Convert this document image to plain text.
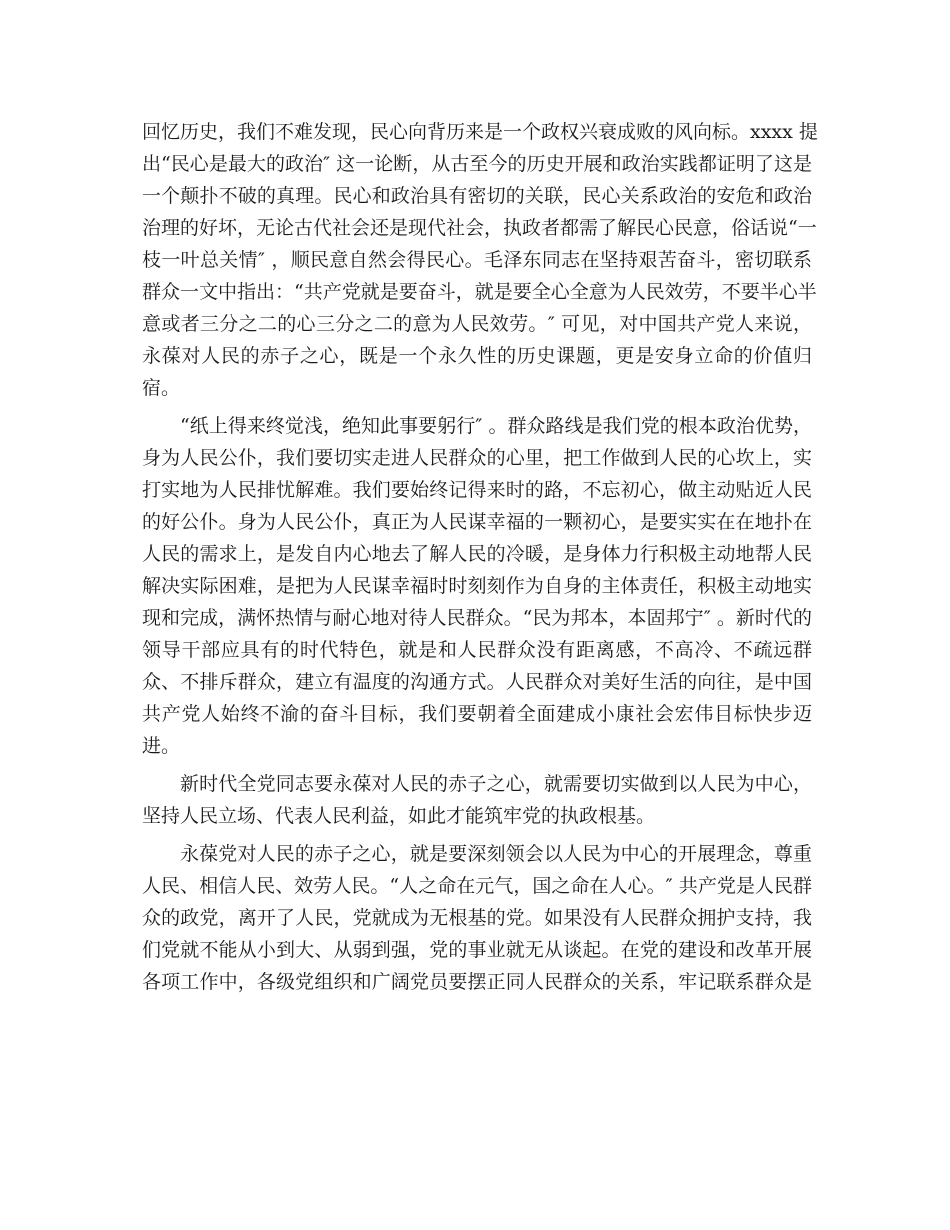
回忆历史，我们不难发现，民心向背历来是一个政权兴衰成败的风向标。xxxx 提

出“民心是最大的政治″ 这一论断，从古至今的历史开展和政治实践都证明了这是

一个颠扑不破的真理。民心和政治具有密切的关联，民心关系政治的安危和政治

治理的好坏，无论古代社会还是现代社会，执政者都需了解民心民意，俗话说“一

枝一叶总关情″ ，顺民意自然会得民心。毛泽东同志在坚持艰苦奋斗，密切联系

群众一文中指出：“共产党就是要奋斗，就是要全心全意为人民效劳，不要半心半

意或者三分之二的心三分之二的意为人民效劳。″ 可见，对中国共产党人来说，

永葆对人民的赤子之心，既是一个永久性的历史课题，更是安身立命的价值归

宿。

“纸上得来终觉浅，绝知此事要躬行″ 。群众路线是我们党的根本政治优势，

身为人民公仆，我们要切实走进人民群众的心里，把工作做到人民的心坎上，实

打实地为人民排忧解难。我们要始终记得来时的路，不忘初心，做主动贴近人民

的好公仆。身为人民公仆，真正为人民谋幸福的一颗初心，是要实实在在地扑在

人民的需求上，是发自内心地去了解人民的冷暖，是身体力行积极主动地帮人民

解决实际困难，是把为人民谋幸福时时刻刻作为自身的主体责任，积极主动地实

现和完成，满怀热情与耐心地对待人民群众。“民为邦本，本固邦宁″ 。新时代的

领导干部应具有的时代特色，就是和人民群众没有距离感，不高冷、不疏远群

众、不排斥群众，建立有温度的沟通方式。人民群众对美好生活的向往，是中国

共产党人始终不渝的奋斗目标，我们要朝着全面建成小康社会宏伟目标快步迈

进。

新时代全党同志要永葆对人民的赤子之心，就需要切实做到以人民为中心，

坚持人民立场、代表人民利益，如此才能筑牢党的执政根基。

永葆党对人民的赤子之心，就是要深刻领会以人民为中心的开展理念，尊重

人民、相信人民、效劳人民。“人之命在元气，国之命在人心。″ 共产党是人民群

众的政党，离开了人民，党就成为无根基的党。如果没有人民群众拥护支持，我

们党就不能从小到大、从弱到强，党的事业就无从谈起。在党的建设和改革开展

各项工作中，各级党组织和广阔党员要摆正同人民群众的关系，牢记联系群众是
